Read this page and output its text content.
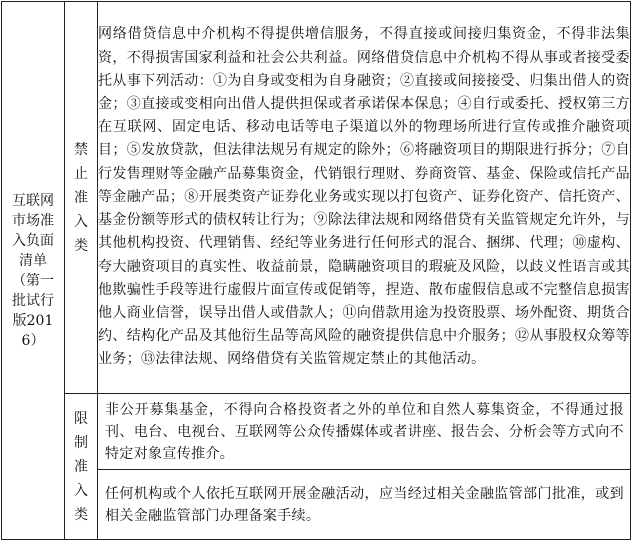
互联网市场准入负面清单（第一批试行版2016）	禁止准入类	网络借贷信息中介机构不得提供增信服务，不得直接或间接归集资金，不得非法集资，不得损害国家利益和社会公共利益。网络借贷信息中介机构不得从事或者接受委托从事下列活动：①为自身或变相为自身融资；②直接或间接接受、归集出借人的资金；③直接或变相向出借人提供担保或者承诺保本保息；④自行或委托、授权第三方在互联网、固定电话、移动电话等电子渠道以外的物理场所进行宣传或推介融资项目；⑤发放贷款，但法律法规另有规定的除外；⑥将融资项目的期限进行拆分；⑦自行发售理财等金融产品募集资金，代销银行理财、券商资管、基金、保险或信托产品等金融产品；⑧开展类资产证券化业务或实现以打包资产、证券化资产、信托资产、基金份额等形式的债权转让行为；⑨除法律法规和网络借贷有关监管规定允许外，与其他机构投资、代理销售、经纪等业务进行任何形式的混合、捆绑、代理；⑩虚构、夸大融资项目的真实性、收益前景，隐瞒融资项目的瑕疵及风险，以歧义性语言或其他欺骗性手段等进行虚假片面宣传或促销等，捏造、散布虚假信息或不完整信息损害他人商业信誉，误导出借人或借款人；⑪向借款用途为投资股票、场外配资、期货合约、结构化产品及其他衍生品等高风险的融资提供信息中介服务；⑫从事股权众筹等业务；⑬法律法规、网络借贷有关监管规定禁止的其他活动。

	限制准入类	非公开募集基金，不得向合格投资者之外的单位和自然人募集资金，不得通过报刊、电台、电视台、互联网等公众传播媒体或者讲座、报告会、分析会等方式向不特定对象宣传推介。
		任何机构或个人依托互联网开展金融活动，应当经过相关金融监管部门批准，或到相关金融监管部门办理备案手续。
